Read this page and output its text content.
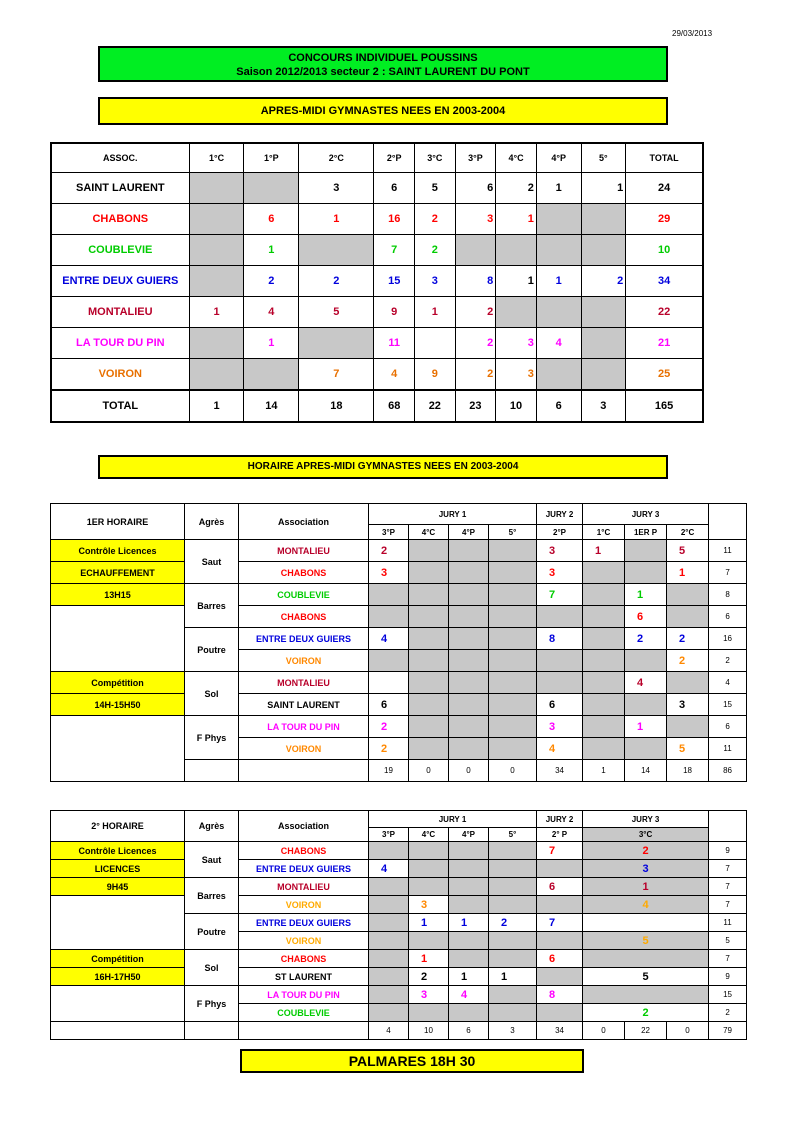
29/03/2013
CONCOURS INDIVIDUEL POUSSINS
Saison 2012/2013 secteur 2 : SAINT LAURENT DU PONT
APRES-MIDI GYMNASTES NEES EN 2003-2004
ASSOC.	1°C	1°P	2°C	2°P	3°C	3°P	4°C	4°P	5°	TOTAL
SAINT LAURENT			3	6	5	6	2	1	1	24
CHABONS		6	1	16	2	3	1			29
COUBLEVIE		1		7	2					10
ENTRE DEUX GUIERS		2	2	15	3	8	1	1	2	34
MONTALIEU	1	4	5	9	1	2				22
LA TOUR DU PIN		1		11		2	3	4		21
VOIRON			7	4	9	2	3			25
TOTAL	1	14	18	68	22	23	10	6	3	165
HORAIRE APRES-MIDI GYMNASTES NEES EN 2003-2004
1ER HORAIRE	Agrès	Association	JURY 1				JURY 2	JURY 3			
			3°P	4°C	4°P	5°	2°P	1°C	1ER P	2°C	
Contrôle Licences	Saut	MONTALIEU	2				3	1		5	11
ECHAUFFEMENT		CHABONS	3				3			1	7
13H15	Barres	COUBLEVIE					7		1		8
		CHABONS							6		6
	Poutre	ENTRE DEUX GUIERS	4				8		2	2	16
		VOIRON								2	2
Compétition	Sol	MONTALIEU							4		4
14H-15H50		SAINT LAURENT	6				6			3	15
	F Phys	LA TOUR DU PIN	2				3		1		6
		VOIRON	2				4			5	11
			19	0	0	0	34	1	14	18	86
2° HORAIRE	Agrès	Association	JURY 1				JURY 2	JURY 3			
			3°P	4°C	4°P	5°	2° P	3°C			
Contrôle Licences	Saut	CHABONS					7	2			9
LICENCES		ENTRE DEUX GUIERS	4					3			7
9H45	Barres	MONTALIEU					6	1			7
		VOIRON		3				4			7
	Poutre	ENTRE DEUX GUIERS		1	1	2	7				11
		VOIRON						5			5
Compétition	Sol	CHABONS		1			6				7
16H-17H50		ST LAURENT		2	1	1		5			9
	F Phys	LA TOUR DU PIN		3	4		8				15
		COUBLEVIE						2			2
			4	10	6	3	34	0	22	0	79
PALMARES 18H 30
